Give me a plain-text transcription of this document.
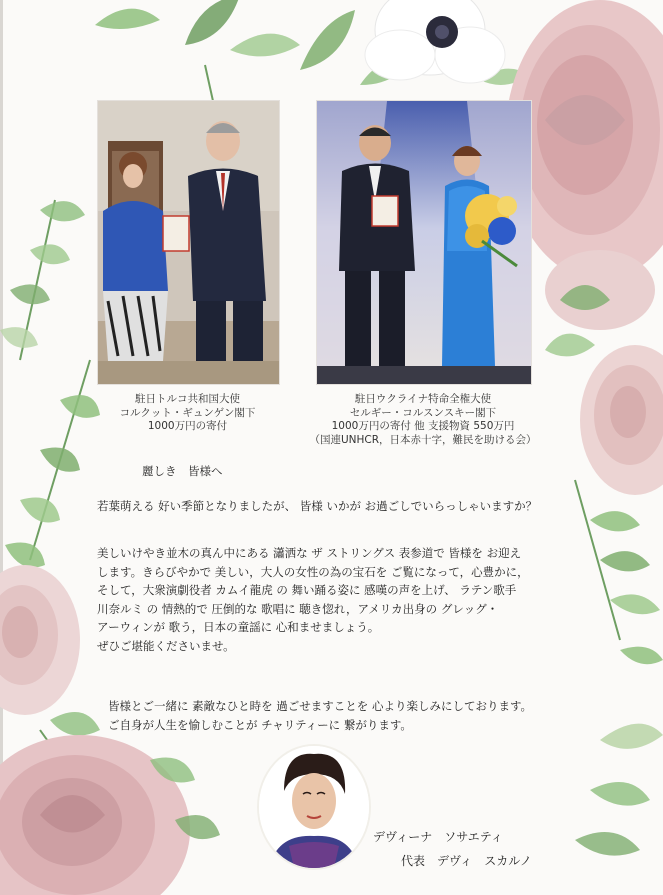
駐日トルコ共和国大使
コルクット・ギュンゲン閣下
1000万円の寄付
駐日ウクライナ特命全権大使
セルギー・コルスンスキー閣下
1000万円の寄付 他 支援物資 550万円
（国連UNHCR，日本赤十字，難民を助ける会）
麗しき　皆様へ
若葉萌える 好い季節となりましたが、 皆様 いかが お過ごしでいらっしゃいますか？
美しいけやき並木の真ん中にある 瀟洒な ザ ストリングス 表参道で 皆様を お迎え
します。きらびやかで 美しい，大人の女性の為の宝石を ご覧になって，心豊かに，
そして，大衆演劇役者 カムイ龍虎 の 舞い踊る姿に 感嘆の声を上げ、 ラテン歌手
川奈ルミ の 情熱的で 圧倒的な 歌唱に 聴き惚れ，アメリカ出身の グレッグ・
アーウィンが 歌う，日本の童謡に 心和ませましょう。
ぜひご堪能くださいませ。
皆様とご一緒に 素敵なひと時を 過ごせますことを 心より楽しみにしております。
ご自身が人生を愉しむことが チャリティーに 繋がります。
デヴィーナ　ソサエティ
代表　デヴィ　スカルノ
